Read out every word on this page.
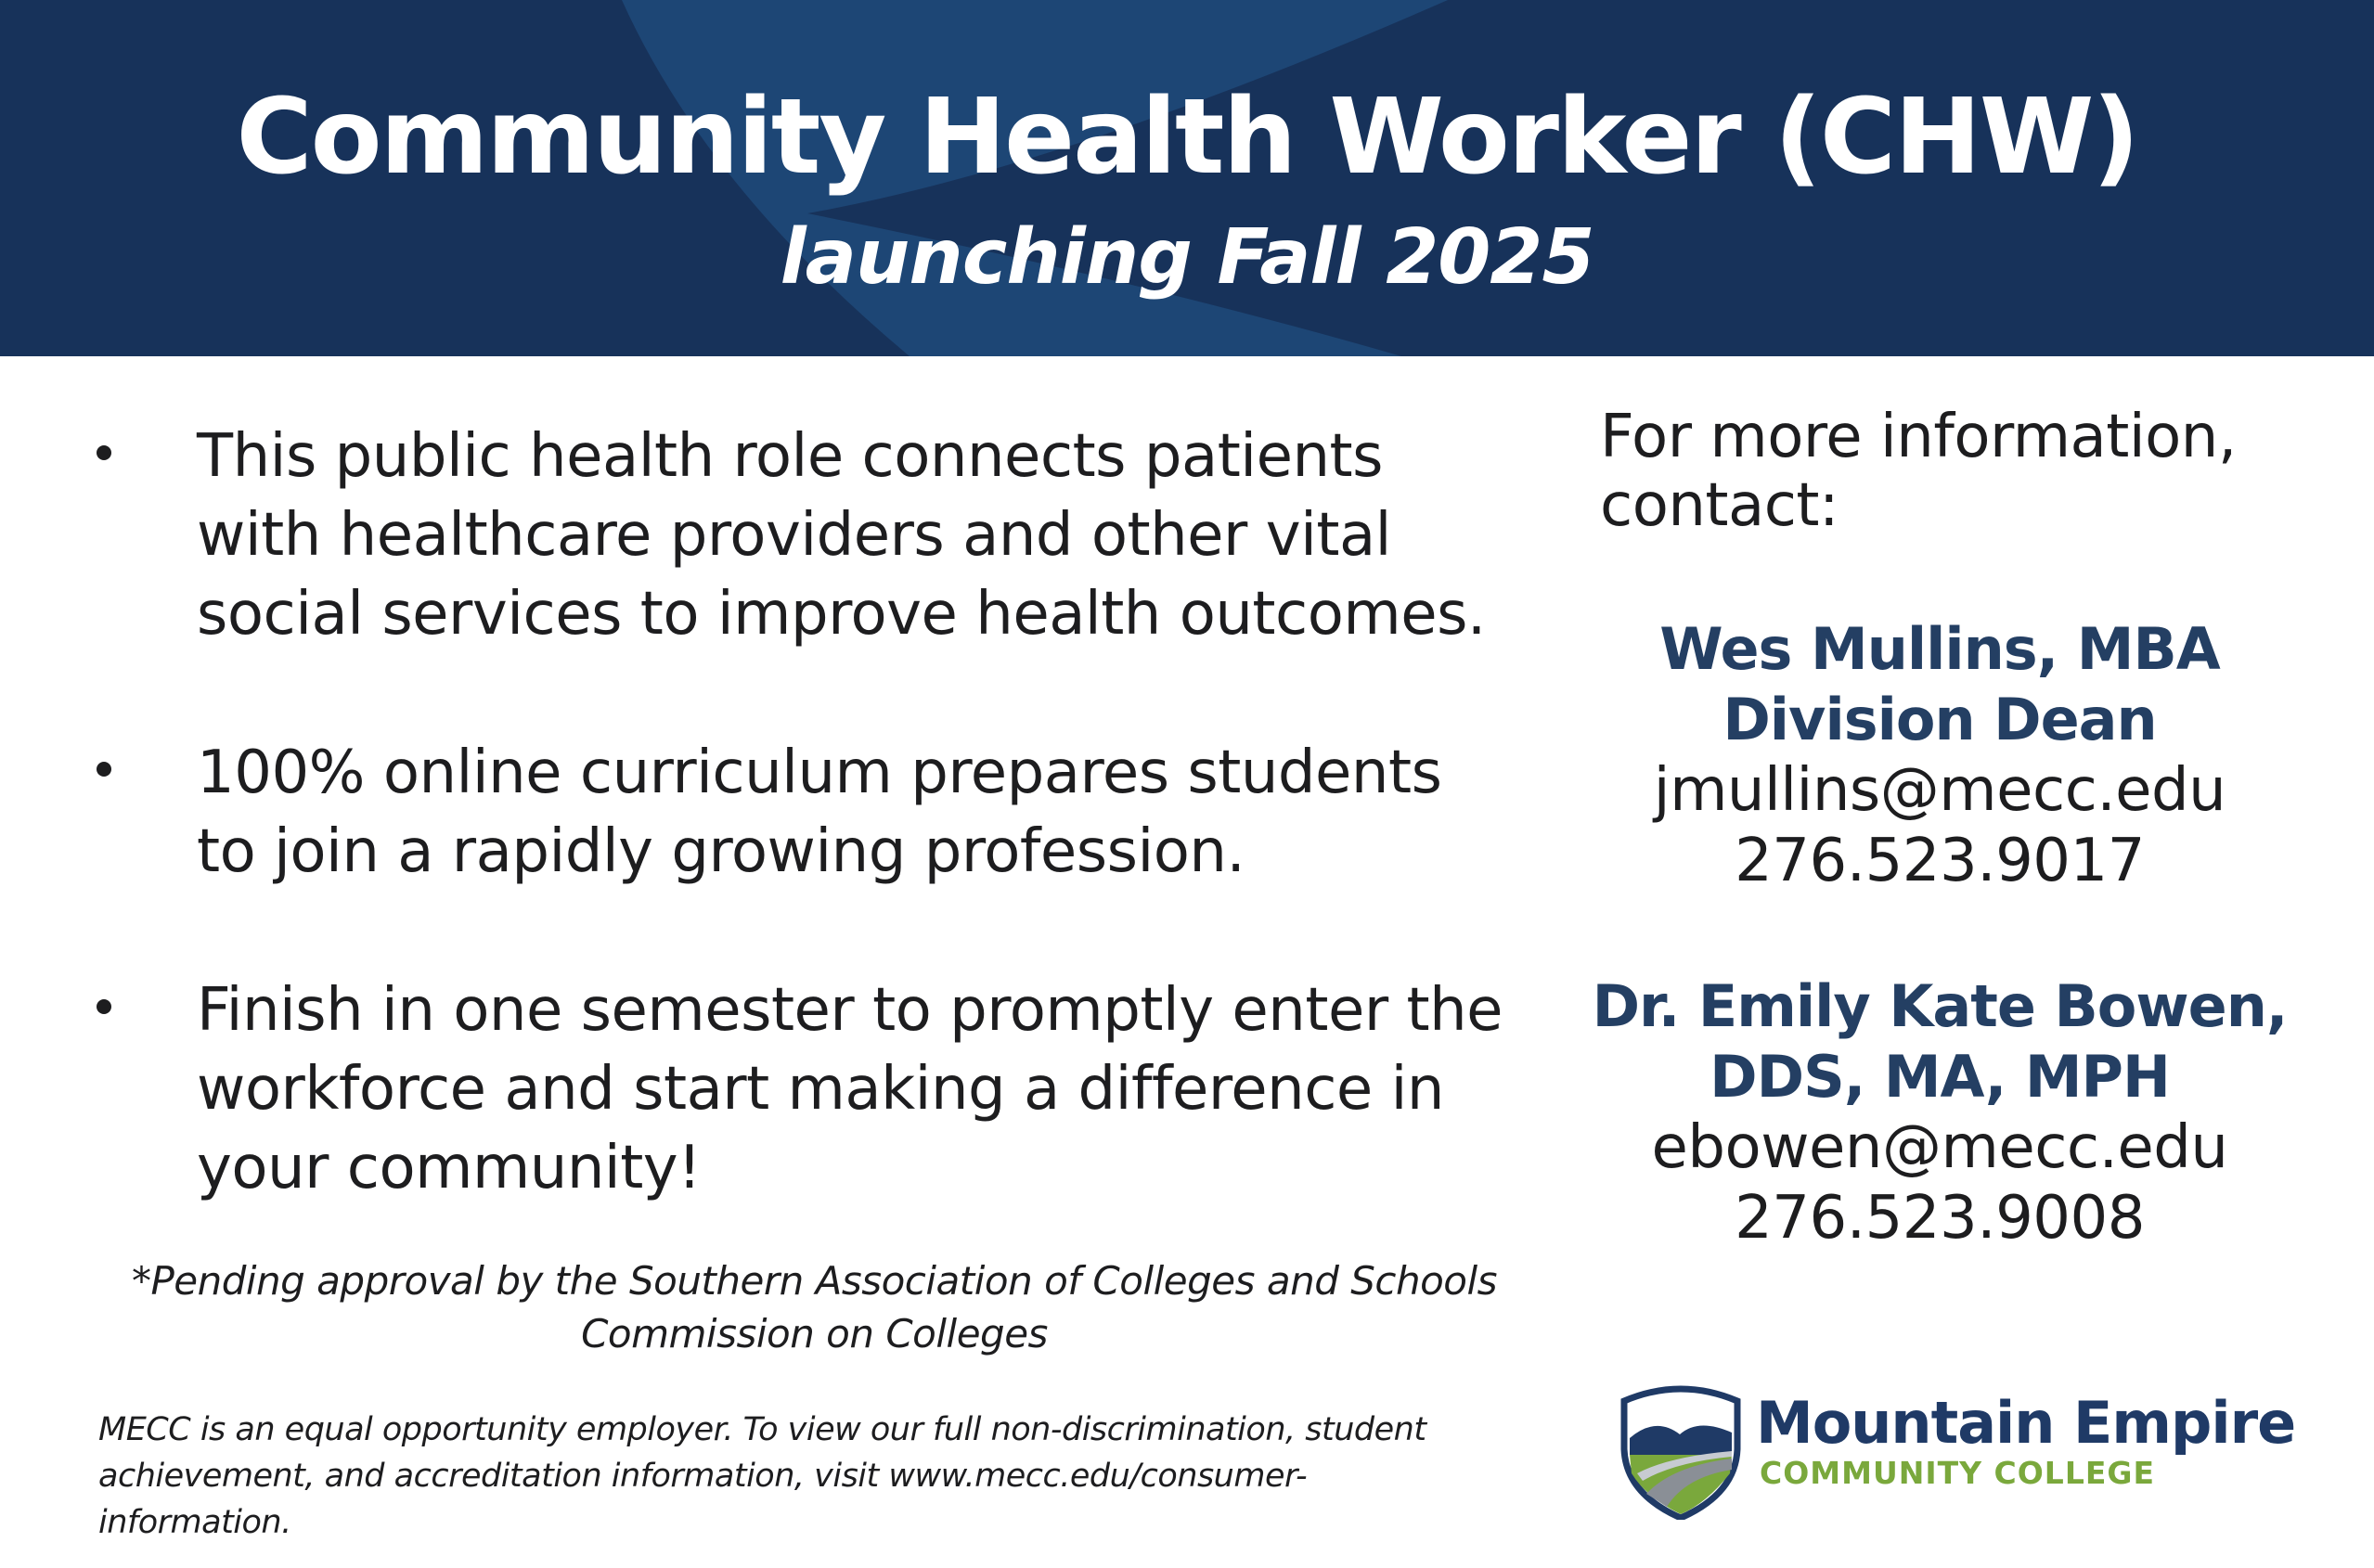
Community Health Worker (CHW)
launching Fall 2025
This public health role connects patients with healthcare providers and other vital social services to improve health outcomes.
100% online curriculum prepares students to join a rapidly growing profession.
Finish in one semester to promptly enter the workforce and start making a difference in your community!
*Pending approval by the Southern Association of Colleges and Schools Commission on Colleges
MECC is an equal opportunity employer. To view our full non-discrimination, student achievement, and accreditation information, visit www.mecc.edu/consumer-information.
For more information, contact:
Wes Mullins, MBA
Division Dean
jmullins@mecc.edu
276.523.9017
Dr. Emily Kate Bowen,
DDS, MA, MPH
ebowen@mecc.edu
276.523.9008
Mountain Empire
COMMUNITY COLLEGE
